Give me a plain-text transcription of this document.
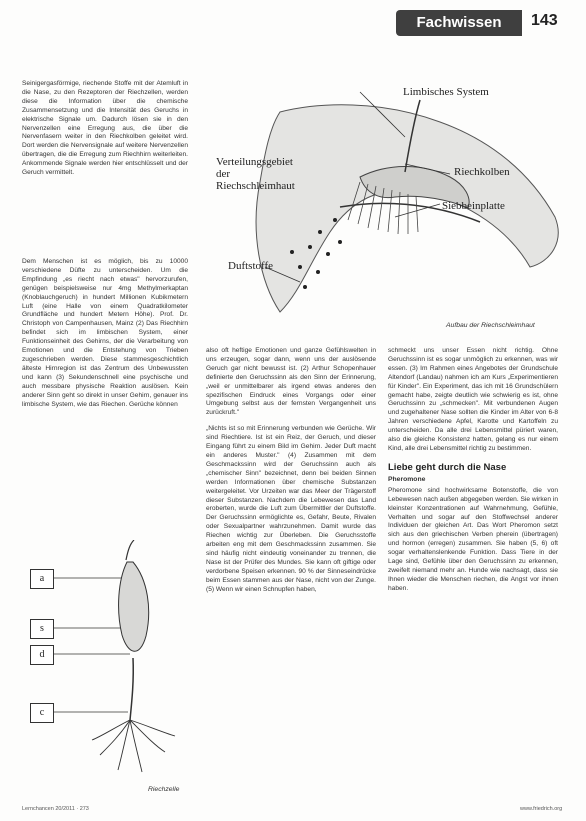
Fachwissen	143

Seinigergasförmige, riechende Stoffe mit der Atemluft in die Nase, zu den Rezeptoren der Riechzellen, werden diese die Information über die chemische Zusammensetzung und die Intensität des Geruchs in elektrische Signale um. Dadurch lösen sie in den Nervenzellen eine Erregung aus, die über die Nervenfasern weiter in den Riechkolben geleitet wird. Dort werden die Nervensignale auf weitere Nervenzellen übertragen, die die Erregung zum Riechhirn weiterleiten. Ankommende Signale werden hier entschlüsselt und der Geruch vermittelt.

Dem Menschen ist es möglich, bis zu 10000 verschiedene Düfte zu unterscheiden. Um die Empfindung „es riecht nach etwas" hervorzurufen, genügen beispielsweise nur 4mg Methylmerkaptan (Knoblauchgeruch) in hundert Millionen Kubikmetern Luft (eine Halle von einem Quadratkilometer Grundfläche und hundert Metern Höhe). Prof. Dr. Christoph von Campenhausen, Mainz (2) Das Riechhirn befindet sich im limbischen System, einer Funktionseinheit des Gehirns, der die Verarbeitung von Emotionen und die Entstehung von Trieben zugeschrieben werden. Diese stammesgeschichtlich älteste Hirnregion ist das Zentrum des Unbewussten und kann (3) Sekundenschnell eine psychische und auch messbare physische Reaktion auslösen. Kein anderer Sinn geht so direkt in unser Gehirn, genauer ins limbische System, wie das Riechen. Gerüche können

Limbisches System
Verteilungsgebiet
der
Riechschleimhaut
Riechkolben
Siebbeinplatte
Duftstoffe
Aufbau der Riechschleimhaut

also oft heftige Emotionen und ganze Gefühlswelten in uns erzeugen, sogar dann, wenn uns der auslösende Geruch gar nicht bewusst ist. (2) Arthur Schopenhauer definierte den Geruchssinn als den Sinn der Erinnerung, „weil er unmittelbarer als irgend etwas anderes den spezifischen Eindruck eines Vorgangs oder einer Umgebung selbst aus der fernsten Vergangenheit uns zurückruft."

„Nichts ist so mit Erinnerung verbunden wie Gerüche. Wir sind Riechtiere. Ist ist ein Reiz, der Geruch, und dieser Eingang führt zu einem Bild im Gehirn. Jeder Duft macht ein anderes Muster." (4) Zusammen mit dem Geschmackssinn wird der Geruchssinn auch als „chemischer Sinn" bezeichnet, denn bei beiden Sinnen werden Informationen über chemische Substanzen weitergeleitet. Vor Urzeiten war das Meer der Trägerstoff dieser Substanzen. Nachdem die Lebewesen das Land eroberten, wurde die Luft zum Übermittler der Duftstoffe. Der Geruchssinn ermöglichte es, Gefahr, Beute, Rivalen oder Sexualpartner wahrzunehmen. Damit wurde das Riechen wichtig zur Überleben. Die Geruchsstoffe arbeiten eng mit dem Geschmackssinn zusammen. Sie sind häufig nicht eindeutig voneinander zu trennen, die Nase ist der Prüfer des Mundes. Sie kann oft giftige oder verdorbene Speisen erkennen. 90 % der Sinneseindrücke beim Essen stammen aus der Nase, nicht von der Zunge. (5) Wenn wir einen Schnupfen haben,

schmeckt uns unser Essen nicht richtig. Ohne Geruchssinn ist es sogar unmöglich zu erkennen, was wir essen. (3) Im Rahmen eines Angebotes der Grundschule Altendorf (Landau) nahmen ich am Kurs „Experimentieren für Kinder". Ein Experiment, das ich mit 16 Grundschülern gemacht habe, zeigte deutlich wie schwierig es ist, ohne Geruchssinn zu „schmecken". Mit verbundenen Augen und zugehaltener Nase sollten die Kinder im Alter von 6-8 Jahren verschiedene Apfel, Karotte und Kartoffeln zu unterscheiden. Da alle drei Lebensmittel püriert waren, also die gleiche Konsistenz hatten, gelang es nur einem Kind, alle drei Lebensmittel richtig zu bestimmen.

Liebe geht durch die Nase
Pheromone

Pheromone sind hochwirksame Botenstoffe, die von Lebewesen nach außen abgegeben werden. Sie wirken in kleinster Konzentrationen auf Wahrnehmung, Gefühle, Verhalten und sogar auf den Stoffwechsel anderer Individuen der gleichen Art. Das Wort Pheromon setzt sich aus den griechischen Verben pherein (übertragen) und hormon (erregen) zusammen. Sie haben (5, 6) oft sogar verhaltenslenkende Funktion. Dass Tiere in der Lage sind, Gefühle über den Geruchssinn zu erkennen, zweifelt niemand mehr an. Hunde wie nachsagt, dass sie Ihnen wieder die Menschen riechen, die Angst vor ihnen haben.

a
s
d
c
Riechzelle
Lernchancen 20/2011 · 273	www.friedrich.org
